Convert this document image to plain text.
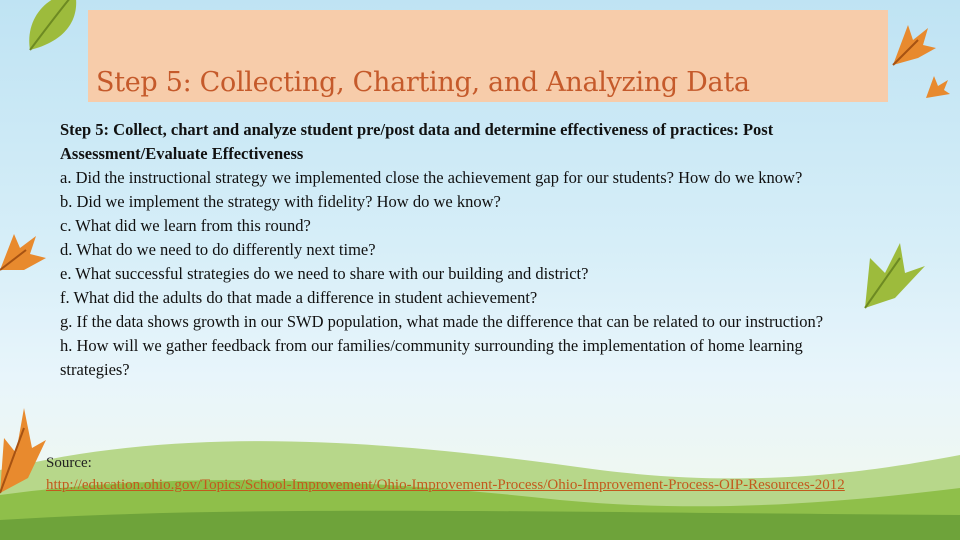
Step 5: Collecting, Charting, and Analyzing Data

Step 5: Collect, chart and analyze student pre/post data and determine effectiveness of practices: Post Assessment/Evaluate Effectiveness

a. Did the instructional strategy we implemented close the achievement gap for our students? How do we know?

b. Did we implement the strategy with fidelity? How do we know?

c. What did we learn from this round?

d. What do we need to do differently next time?

e. What successful strategies do we need to share with our building and district?

f. What did the adults do that made a difference in student achievement?

g. If the data shows growth in our SWD population, what made the difference that can be related to our instruction?

h. How will we gather feedback from our families/community surrounding the implementation of home learning strategies?

Source:
http://education.ohio.gov/Topics/School-Improvement/Ohio-Improvement-Process/Ohio-Improvement-Process-OIP-Resources-2012
